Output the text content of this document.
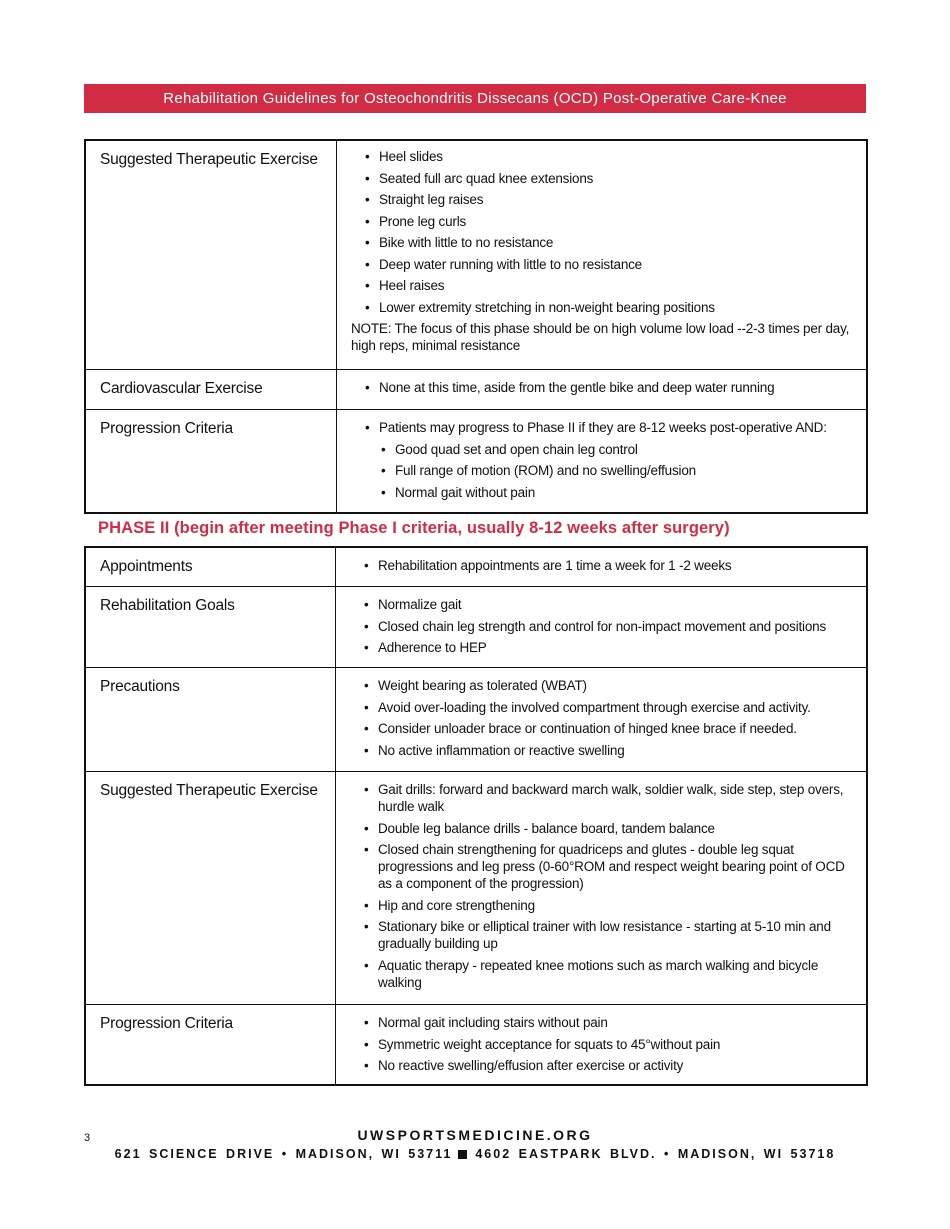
Rehabilitation Guidelines for Osteochondritis Dissecans (OCD) Post-Operative Care-Knee
Suggested Therapeutic Exercise	• Heel slides
• Seated full arc quad knee extensions
• Straight leg raises
• Prone leg curls
• Bike with little to no resistance
• Deep water running with little to no resistance
• Heel raises
• Lower extremity stretching in non-weight bearing positions
NOTE: The focus of this phase should be on high volume low load --2-3 times per day, high reps, minimal resistance
Cardiovascular Exercise	• None at this time, aside from the gentle bike and deep water running
Progression Criteria	• Patients may progress to Phase II if they are 8-12 weeks post-operative AND:
• Good quad set and open chain leg control
• Full range of motion (ROM) and no swelling/effusion
• Normal gait without pain
PHASE II (begin after meeting Phase I criteria, usually 8-12 weeks after surgery)
Appointments	• Rehabilitation appointments are 1 time a week for 1 -2 weeks
Rehabilitation Goals	• Normalize gait
• Closed chain leg strength and control for non-impact movement and positions
• Adherence to HEP
Precautions	• Weight bearing as tolerated (WBAT)
• Avoid over-loading the involved compartment through exercise and activity.
• Consider unloader brace or continuation of hinged knee brace if needed.
• No active inflammation or reactive swelling
Suggested Therapeutic Exercise	• Gait drills: forward and backward march walk, soldier walk, side step, step overs, hurdle walk
• Double leg balance drills - balance board, tandem balance
• Closed chain strengthening for quadriceps and glutes - double leg squat progressions and leg press (0-60°ROM and respect weight bearing point of OCD as a component of the progression)
• Hip and core strengthening
• Stationary bike or elliptical trainer with low resistance - starting at 5-10 min and gradually building up
• Aquatic therapy - repeated knee motions such as march walking and bicycle walking
Progression Criteria	• Normal gait including stairs without pain
• Symmetric weight acceptance for squats to 45°without pain
• No reactive swelling/effusion after exercise or activity
3	UWSPORTSMEDICINE.ORG
621 SCIENCE DRIVE • MADISON, WI 53711 4602 EASTPARK BLVD. • MADISON, WI 53718
